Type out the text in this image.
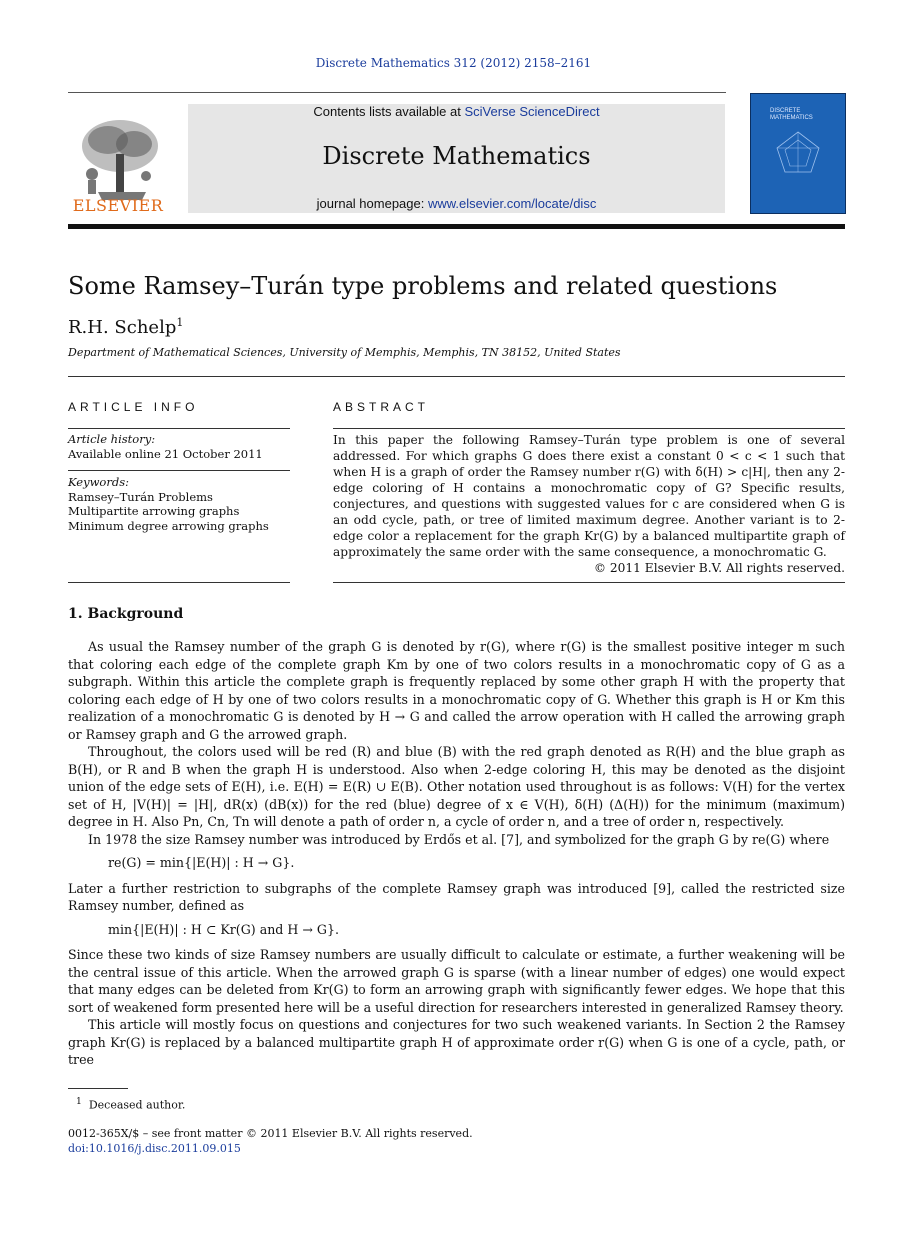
Discrete Mathematics 312 (2012) 2158–2161
ELSEVIER
Contents lists available at SciVerse ScienceDirect
Discrete Mathematics
journal homepage: www.elsevier.com/locate/disc
DISCRETE MATHEMATICS
Some Ramsey–Turán type problems and related questions
R.H. Schelp$^1$
Department of Mathematical Sciences, University of Memphis, Memphis, TN 38152, United States
ARTICLE INFO
Article history:
Available online 21 October 2011
Keywords:
Ramsey–Turán Problems
Multipartite arrowing graphs
Minimum degree arrowing graphs
ABSTRACT
In this paper the following Ramsey–Turán type problem is one of several addressed. For which graphs G does there exist a constant 0 < c < 1 such that when H is a graph of order the Ramsey number r(G) with δ(H) > c|H|, then any 2-edge coloring of H contains a monochromatic copy of G? Specific results, conjectures, and questions with suggested values for c are considered when G is an odd cycle, path, or tree of limited maximum degree. Another variant is to 2-edge color a replacement for the graph Kr(G) by a balanced multipartite graph of approximately the same order with the same consequence, a monochromatic G.
© 2011 Elsevier B.V. All rights reserved.
1. Background

As usual the Ramsey number of the graph G is denoted by r(G), where r(G) is the smallest positive integer m such that coloring each edge of the complete graph Km by one of two colors results in a monochromatic copy of G as a subgraph. Within this article the complete graph is frequently replaced by some other graph H with the property that coloring each edge of H by one of two colors results in a monochromatic copy of G. Whether this graph is H or Km this realization of a monochromatic G is denoted by H → G and called the arrow operation with H called the arrowing graph or Ramsey graph and G the arrowed graph.

Throughout, the colors used will be red (R) and blue (B) with the red graph denoted as R(H) and the blue graph as B(H), or R and B when the graph H is understood. Also when 2-edge coloring H, this may be denoted as the disjoint union of the edge sets of E(H), i.e. E(H) = E(R) ∪ E(B). Other notation used throughout is as follows: V(H) for the vertex set of H, |V(H)| = |H|, dR(x) (dB(x)) for the red (blue) degree of x ∈ V(H), δ(H) (Δ(H)) for the minimum (maximum) degree in H. Also Pn, Cn, Tn will denote a path of order n, a cycle of order n, and a tree of order n, respectively.

In 1978 the size Ramsey number was introduced by Erdős et al. [7], and symbolized for the graph G by re(G) where

re(G) = min{|E(H)| : H → G}.

Later a further restriction to subgraphs of the complete Ramsey graph was introduced [9], called the restricted size Ramsey number, defined as

min{|E(H)| : H ⊂ Kr(G) and H → G}.

Since these two kinds of size Ramsey numbers are usually difficult to calculate or estimate, a further weakening will be the central issue of this article. When the arrowed graph G is sparse (with a linear number of edges) one would expect that many edges can be deleted from Kr(G) to form an arrowing graph with significantly fewer edges. We hope that this sort of weakened form presented here will be a useful direction for researchers interested in generalized Ramsey theory.

This article will mostly focus on questions and conjectures for two such weakened variants. In Section 2 the Ramsey graph Kr(G) is replaced by a balanced multipartite graph H of approximate order r(G) when G is one of a cycle, path, or tree

$^1$ Deceased author.
0012-365X/$ – see front matter © 2011 Elsevier B.V. All rights reserved.
doi:10.1016/j.disc.2011.09.015
